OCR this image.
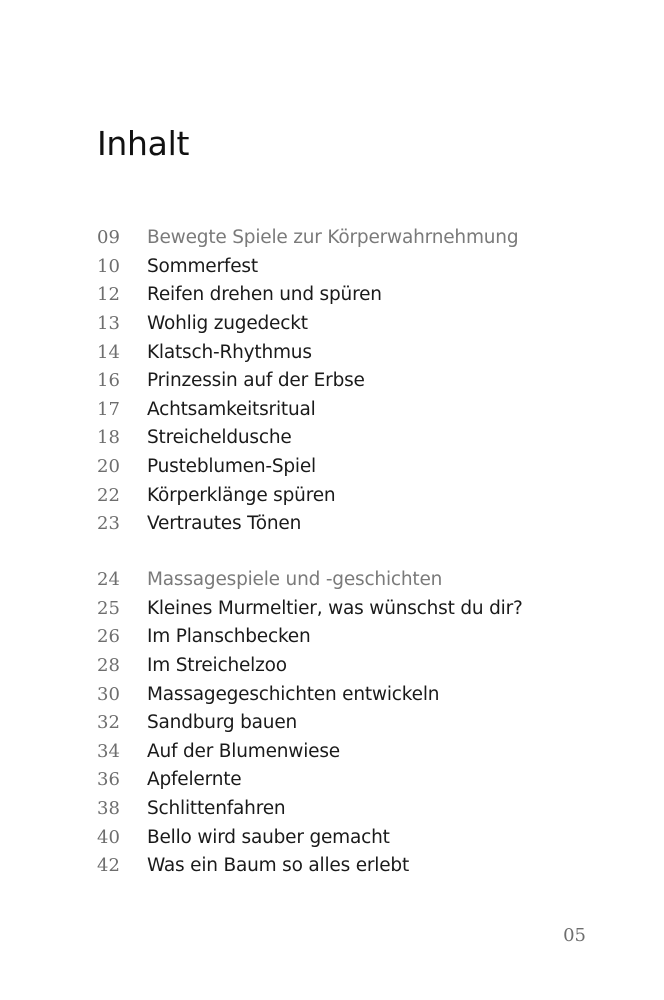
Inhalt
09	Bewegte Spiele zur Körperwahrnehmung
10	Sommerfest
12	Reifen drehen und spüren
13	Wohlig zugedeckt
14	Klatsch-Rhythmus
16	Prinzessin auf der Erbse
17	Achtsamkeitsritual
18	Streicheldusche
20	Pusteblumen-Spiel
22	Körperklänge spüren
23	Vertrautes Tönen
24	Massagespiele und -geschichten
25	Kleines Murmeltier, was wünschst du dir?
26	Im Planschbecken
28	Im Streichelzoo
30	Massagegeschichten entwickeln
32	Sandburg bauen
34	Auf der Blumenwiese
36	Apfelernte
38	Schlittenfahren
40	Bello wird sauber gemacht
42	Was ein Baum so alles erlebt
05
